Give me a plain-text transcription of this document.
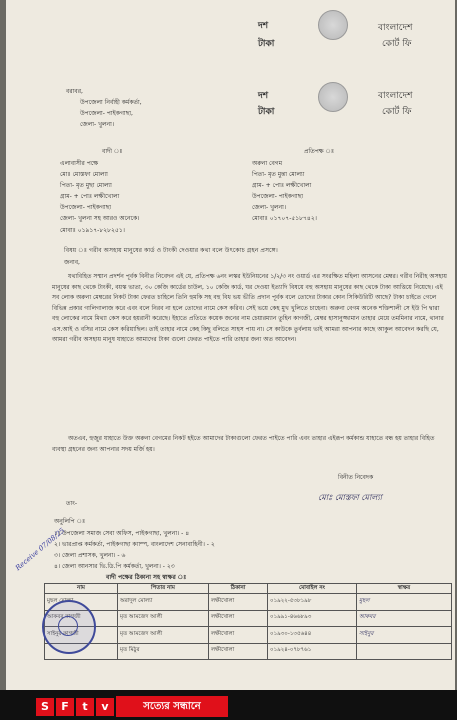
দশ
টাকা
বাংলাদেশ
কোর্ট ফি
দশ
টাকা
বাংলাদেশ
কোর্ট ফি
বরাবর,
উপজেলা নির্বাহী কর্মকর্তা,
উপজেলা- পাইকগাছা,
জেলা- খুলনা।
বাদী ঃ	প্রতিপক্ষ ঃ
এলাবাসীর পক্ষে
মোঃ মোস্তফা মোল্যা
পিতা- মৃত মুছা মোল্যা
গ্রাম- + পোঃ লক্ষীখোলা
উপজেলা- পাইকগাছা
জেলা- খুলনা সহ আরও অনেকে।
মোবাঃ ০১৯১৭-৮২৮২৫১।
অরুনা বেগম
পিতা- মৃত মুন্তা মোল্যা
গ্রাম- + পোঃ লক্ষীখোলা
উপজেলা- পাইকগাছা
জেলা- খুলনা।
মোবাঃ ০১৭০৭-৫১৮৭৪২।
বিষয় ঃ গরীব অসহায় মানুষের কার্ড ও টাংকী দেওয়ার কথা বলে উৎকোচ গ্রহন প্রসঙ্গে।
জনাব,
যথাবিহিত সম্মান প্রদর্শন পূর্বক বিনীত নিবেদন এই যে, প্রতিপক্ষ ৬নং লস্কর ইউনিয়নের ১/২/৩ নং ওয়ার্ড এর সংরক্ষিত মহিলা আসনের মেম্বর। গরীব নিরীহ অসহায় মানুষের কাছ থেকে টাংকী, বয়স্ক ভাতা, ৩০ কেজি কার্ডের চাউল, ১০ কেজি কার্ড, ঘর দেওয়া ইত্যাদি বিষয়ে বহু অসহায় মানুষের কাছ থেকে টাকা আত্তিয়ে নিয়েছে। এই সব লোক অরুনা মেম্বরের নিকট টাকা ফেরত চাহিলে তিনি হুমকি সহ বহু বিধ ভয় ভীতি প্রদান পূর্বক বলে তোদের টাকার কোন সিকিউরিটি আছে? টাকা চাইতে গেলে বিভিন্ন প্রকার গালিগালাজ করে এবং বলে নিরব না হলে তোদের নামে কেস করিব। সেই ভয়ে কেহ মুখ খুলিতে চাহেনা। অরুনা বেগম অনেক শক্তিশালী সে ইউ পি দ্বারা বহু লোকের নামে মিথ্যা কেস করে হয়রানী করেছে। ইহাতে প্রতিতে কয়েক জনের নাম চেয়ারম্যান তুহিন কাগজী, মেম্বর হাসানুজ্জামান তাহার মেয়ে তমমিনার নামে, থানার এস.আই ও বসির নামে কেস করিয়াছিল। তাই তাহার নামে কেহ কিছু বলিতে সাহস পায় না। সে কাউকে তুর্বলায় ভাই আমরা আপনার কাছে আকুল আবেদন করছি যে, আমরা গরীব অসহায় মানুষ যাহাতে আমাদের টাকা গুলো ফেরত পাইতে পারি তাহার জন্য অত আবেদন।
অতএব, হুজুর যাহাতে উক্ত অরুনা বেগমের নিকট হইতে আমাদের টাকাগুলো ফেরত পাইতে পারি এবং তাহার এইরূপ কর্মকান্ড যাহাতে বন্ধ হয় তাহার বিহিত ব্যবস্থা গ্রহনের জন্য আপনার সদয় মর্জি হয়।
বিনীত নিবেদক
মোঃ মোস্তফা মোল্যা
তাং-
অনুলিপি ঃ
১। উপজেলা সমাজ সেবা অফিস, পাইকগাছা, খুলনা। - ৪
২। ভারপ্রাপ্ত কর্মকর্তা, পাইকগাছা ক্যাম্প, বাংলাদেশ সেনাবাহিনী। - ২
৩। জেলা প্রশাসক, খুলনা। - ৬
৪। জেলা আনসার ভি.ডি.পি কর্মকর্তা, খুলনা। - ২৩
Receive 07/08/25
বাদী পক্ষের ঠিকানা সহ স্বাক্ষর ঃ
নাম	পিতার নাম	ঠিকানা	মোবাইল নং	স্বাক্ষর
মুছল মোল্যা	অরাদুল মোল্যা	লক্ষীখোলা	০১৯২২-৫৩৮১৯৮	মুছল
আকবর কাগজী	মৃত আমজেদ আলী	লক্ষীখোলা	০১৯৯১-৪৬৬৮৯৩	আকবর
সাইনুর কাগজী	মৃত আমজেদ আলী	লক্ষীখোলা	০১৯৩০-১৩৫৬৪৪	সাইনুর
	মৃত মিঠুর	লক্ষীখোলা	০১৯২৪-০৭৮৭৬১	
S	F	t	v	সত্যের সন্ধানে
